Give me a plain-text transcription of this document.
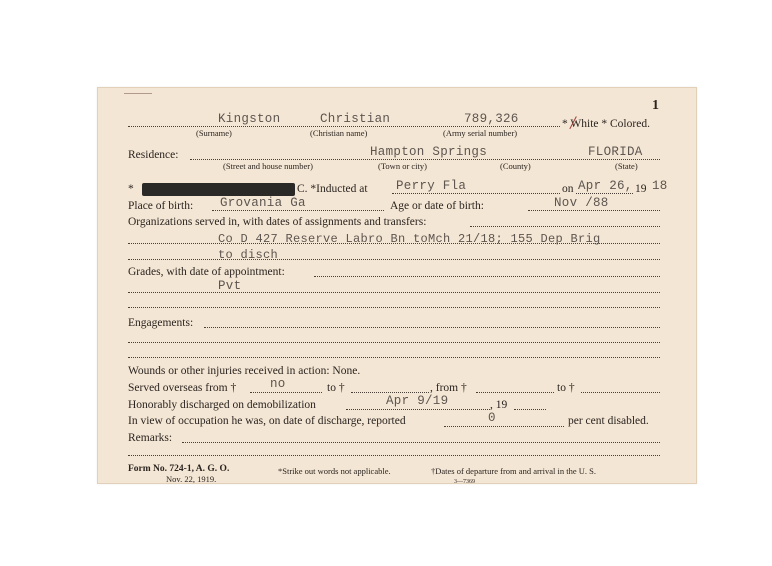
1
Kingston	Christian	789,326	* White * Colored.
(Surname)	(Christian name)	(Army serial number)
Residence:	Hampton Springs	FLORIDA
(Street and house number)	(Town or city)	(County)	(State)
*	C. *Inducted at Perry Fla	on Apr 26, 19 18
Place of birth: Grovania Ga	Age or date of birth:	Nov /88
Organizations served in, with dates of assignments and transfers:
Co D 427 Reserve Labro Bn toMch 21/18; 155 Dep Brig
to disch
Grades, with date of appointment:
Pvt
Engagements:
Wounds or other injuries received in action: None.
Served overseas from †	no	to †	, from †	to †
Honorably discharged on demobilization	Apr 9/19	, 19
In view of occupation he was, on date of discharge, reported	0	per cent disabled.
Remarks:
Form No. 724-1, A. G. O.
Nov. 22, 1919.
*Strike out words not applicable.	†Dates of departure from and arrival in the U. S.
3—7369
